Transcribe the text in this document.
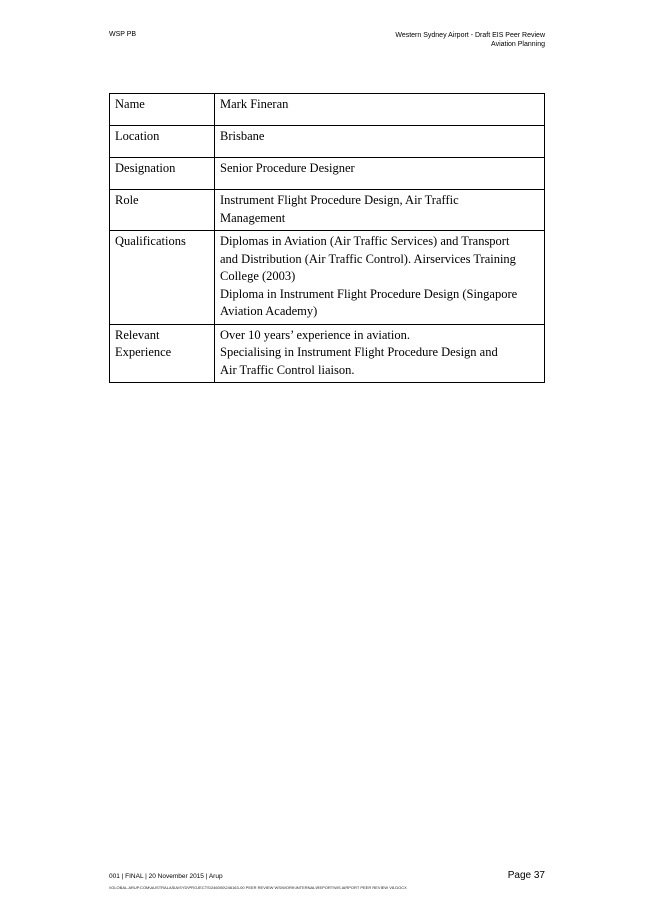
WSP PB	Western Sydney Airport - Draft EIS Peer Review
Aviation Planning
Name	Mark Fineran

Location	Brisbane

Designation	Senior Procedure Designer

Role	Instrument Flight Procedure Design, Air Traffic
Management

Qualifications	Diplomas in Aviation (Air Traffic Services) and Transport
and Distribution (Air Traffic Control). Airservices Training
College (2003)
Diploma in Instrument Flight Procedure Design (Singapore
Aviation Academy)

Relevant
Experience	Over 10 years’ experience in aviation.
Specialising in Instrument Flight Procedure Design and
Air Traffic Control liaison.
001 | FINAL | 20 November 2015 | Arup
\\GLOBAL.ARUP.COM\AUSTRALASIA\SYD\PROJECTS\246000\246163-00 PEER REVIEW WS\WORK\INTERNAL\REPORT\WS AIRPORT PEER REVIEW V8.DOCX
Page 37
